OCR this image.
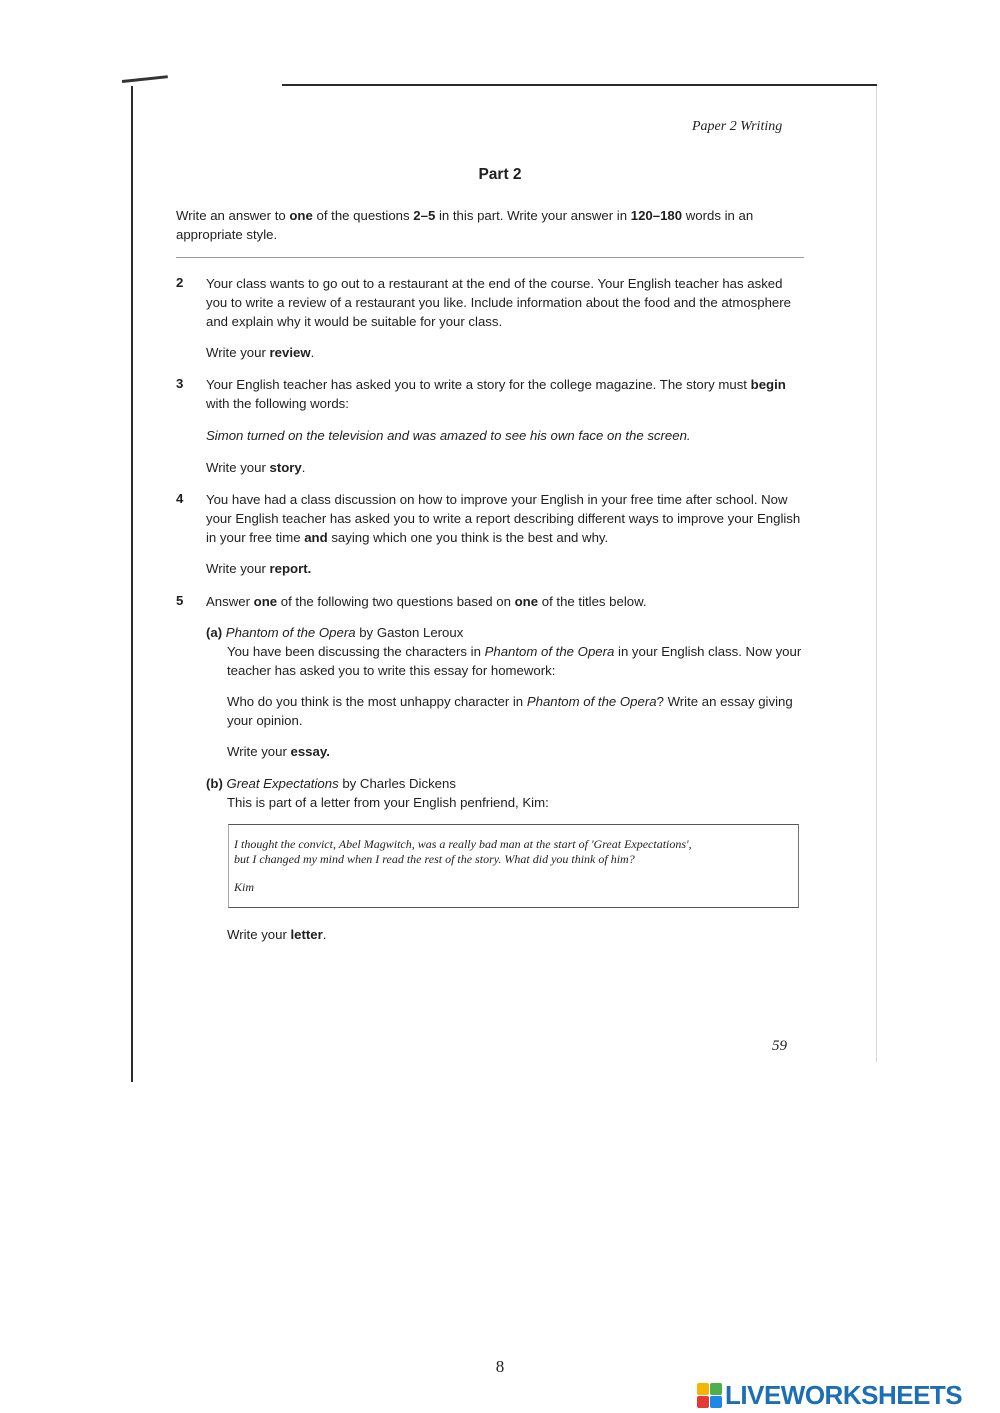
Paper 2 Writing
Part 2
Write an answer to one of the questions 2–5 in this part. Write your answer in 120–180 words in an appropriate style.
2 Your class wants to go out to a restaurant at the end of the course. Your English teacher has asked you to write a review of a restaurant you like. Include information about the food and the atmosphere and explain why it would be suitable for your class.
Write your review.
3 Your English teacher has asked you to write a story for the college magazine. The story must begin with the following words:
Simon turned on the television and was amazed to see his own face on the screen.
Write your story.
4 You have had a class discussion on how to improve your English in your free time after school. Now your English teacher has asked you to write a report describing different ways to improve your English in your free time and saying which one you think is the best and why.
Write your report.
5 Answer one of the following two questions based on one of the titles below.
(a) Phantom of the Opera by Gaston Leroux
You have been discussing the characters in Phantom of the Opera in your English class. Now your teacher has asked you to write this essay for homework:
Who do you think is the most unhappy character in Phantom of the Opera? Write an essay giving your opinion.
Write your essay.
(b) Great Expectations by Charles Dickens
This is part of a letter from your English penfriend, Kim:
I thought the convict, Abel Magwitch, was a really bad man at the start of 'Great Expectations',
but I changed my mind when I read the rest of the story. What did you think of him?
Kim
Write your letter.
59
8
LIVEWORKSHEETS
